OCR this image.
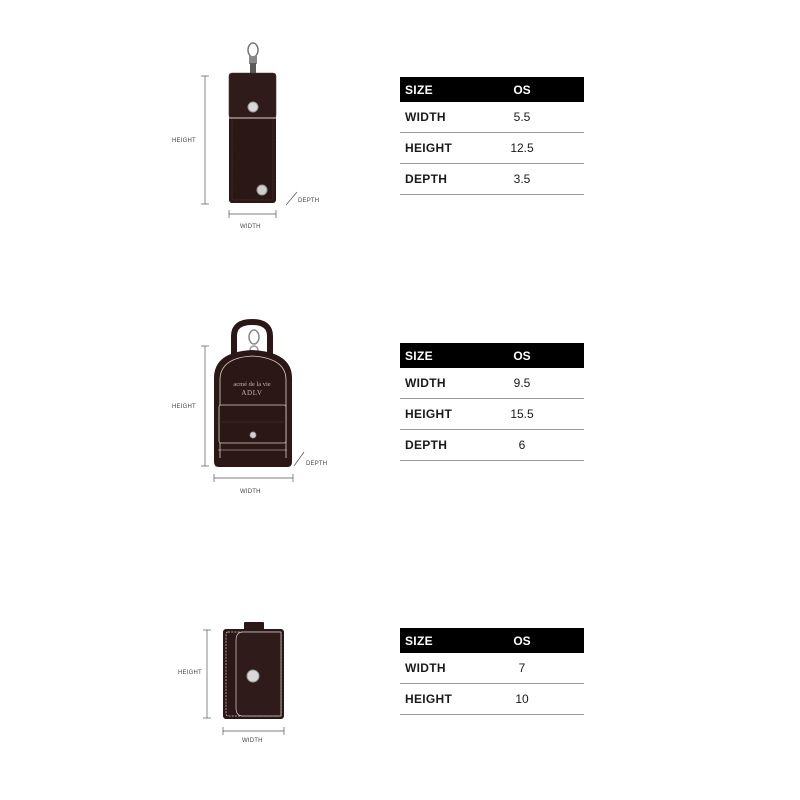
HEIGHT
WIDTH
DEPTH
SIZE	OS
WIDTH	5.5
HEIGHT	12.5
DEPTH	3.5
HEIGHT
WIDTH
DEPTH
acmé de la vie
ADLV
SIZE	OS
WIDTH	9.5
HEIGHT	15.5
DEPTH	6
HEIGHT
WIDTH
SIZE	OS
WIDTH	7
HEIGHT	10
